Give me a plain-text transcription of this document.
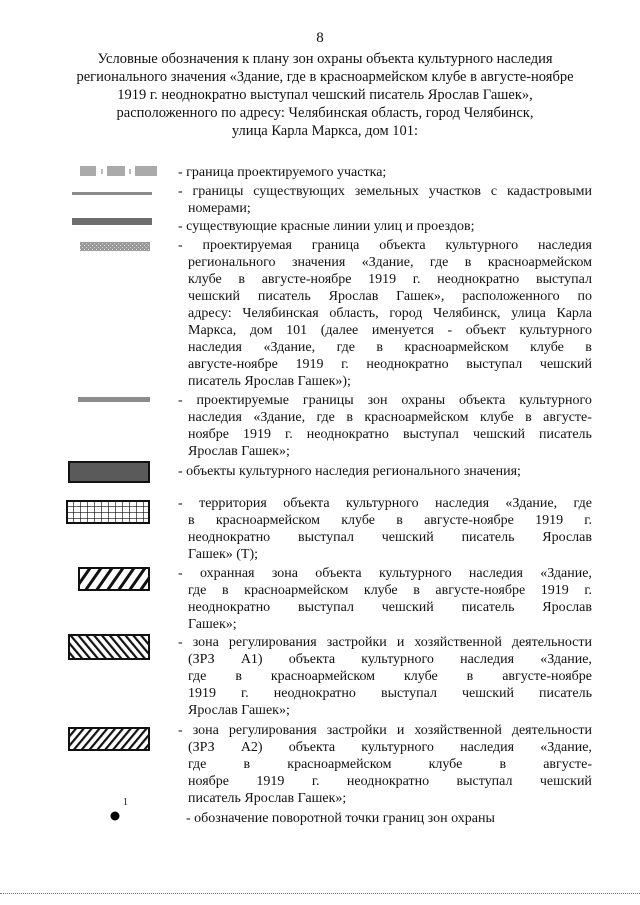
8
Условные обозначения к плану зон охраны объекта культурного наследия
регионального значения «Здание, где в красноармейском клубе в августе-ноябре
1919 г. неоднократно выступал чешский писатель Ярослав Гашек»,
расположенного по адресу: Челябинская область, город Челябинск,
улица Карла Маркса, дом 101:
1
- граница проектируемого участка;
- границы существующих земельных участков с кадастровыми
номерами;
- существующие красные линии улиц и проездов;
- проектируемая граница объекта культурного наследия
регионального значения «Здание, где в красноармейском
клубе в августе-ноябре 1919 г. неоднократно выступал
чешский писатель Ярослав Гашек», расположенного по
адресу: Челябинская область, город Челябинск, улица Карла
Маркса, дом 101 (далее именуется - объект культурного
наследия «Здание, где в красноармейском клубе в
августе-ноябре 1919 г. неоднократно выступал чешский
писатель Ярослав Гашек»);
- проектируемые границы зон охраны объекта культурного
наследия «Здание, где в красноармейском клубе в августе-
ноябре 1919 г. неоднократно выступал чешский писатель
Ярослав Гашек»;
- объекты культурного наследия регионального значения;
- территория объекта культурного наследия «Здание, где
в красноармейском клубе в августе-ноябре 1919 г.
неоднократно выступал чешский писатель Ярослав
Гашек» (Т);
- охранная зона объекта культурного наследия «Здание,
где в красноармейском клубе в августе-ноябре 1919 г.
неоднократно выступал чешский писатель Ярослав
Гашек»;
- зона регулирования застройки и хозяйственной деятельности
(ЗРЗ А1) объекта культурного наследия «Здание,
где в красноармейском клубе в августе-ноябре
1919 г. неоднократно выступал чешский писатель
Ярослав Гашек»;
- зона регулирования застройки и хозяйственной деятельности
(ЗРЗ А2) объекта культурного наследия «Здание,
где	в	красноармейском	клубе	в	августе-
ноябре 1919 г. неоднократно выступал чешский
писатель Ярослав Гашек»;
- обозначение поворотной точки границ зон охраны
